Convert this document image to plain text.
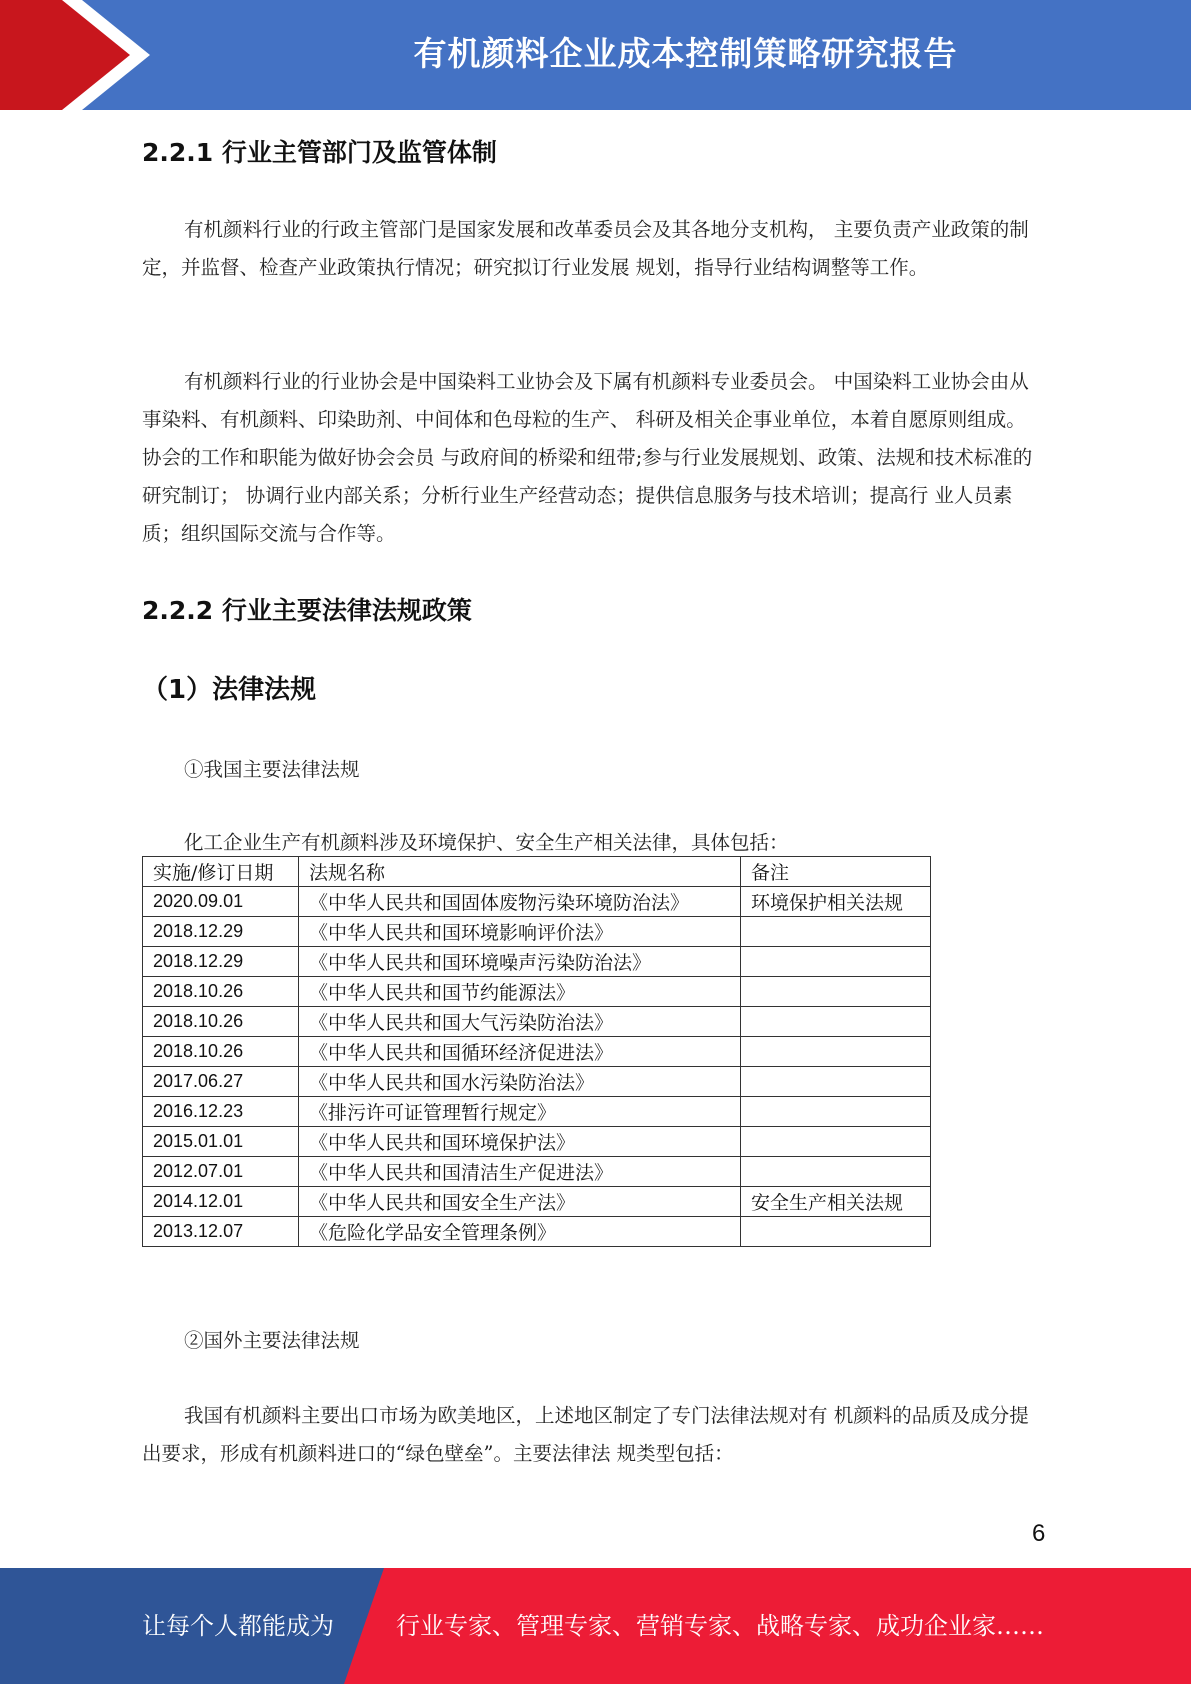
有机颜料企业成本控制策略研究报告
2.2.1 行业主管部门及监管体制

有机颜料行业的行政主管部门是国家发展和改革委员会及其各地分支机构， 主要负责产业政策的制定，并监督、检查产业政策执行情况；研究拟订行业发展 规划，指导行业结构调整等工作。

有机颜料行业的行业协会是中国染料工业协会及下属有机颜料专业委员会。 中国染料工业协会由从事染料、有机颜料、印染助剂、中间体和色母粒的生产、 科研及相关企事业单位，本着自愿原则组成。协会的工作和职能为做好协会会员 与政府间的桥梁和纽带;参与行业发展规划、政策、法规和技术标准的研究制订； 协调行业内部关系；分析行业生产经营动态；提供信息服务与技术培训；提高行 业人员素质；组织国际交流与合作等。

2.2.2 行业主要法律法规政策
（1）法律法规
①我国主要法律法规
化工企业生产有机颜料涉及环境保护、安全生产相关法律，具体包括：
实施/修订日期	法规名称	备注
2020.09.01	《中华人民共和国固体废物污染环境防治法》	环境保护相关法规
2018.12.29	《中华人民共和国环境影响评价法》	
2018.12.29	《中华人民共和国环境噪声污染防治法》	
2018.10.26	《中华人民共和国节约能源法》	
2018.10.26	《中华人民共和国大气污染防治法》	
2018.10.26	《中华人民共和国循环经济促进法》	
2017.06.27	《中华人民共和国水污染防治法》	
2016.12.23	《排污许可证管理暂行规定》	
2015.01.01	《中华人民共和国环境保护法》	
2012.07.01	《中华人民共和国清洁生产促进法》	
2014.12.01	《中华人民共和国安全生产法》	安全生产相关法规
2013.12.07	《危险化学品安全管理条例》	
②国外主要法律法规

我国有机颜料主要出口市场为欧美地区，上述地区制定了专门法律法规对有 机颜料的品质及成分提出要求，形成有机颜料进口的“绿色壁垒”。主要法律法 规类型包括：

6
让每个人都能成为	行业专家、管理专家、营销专家、战略专家、成功企业家……
